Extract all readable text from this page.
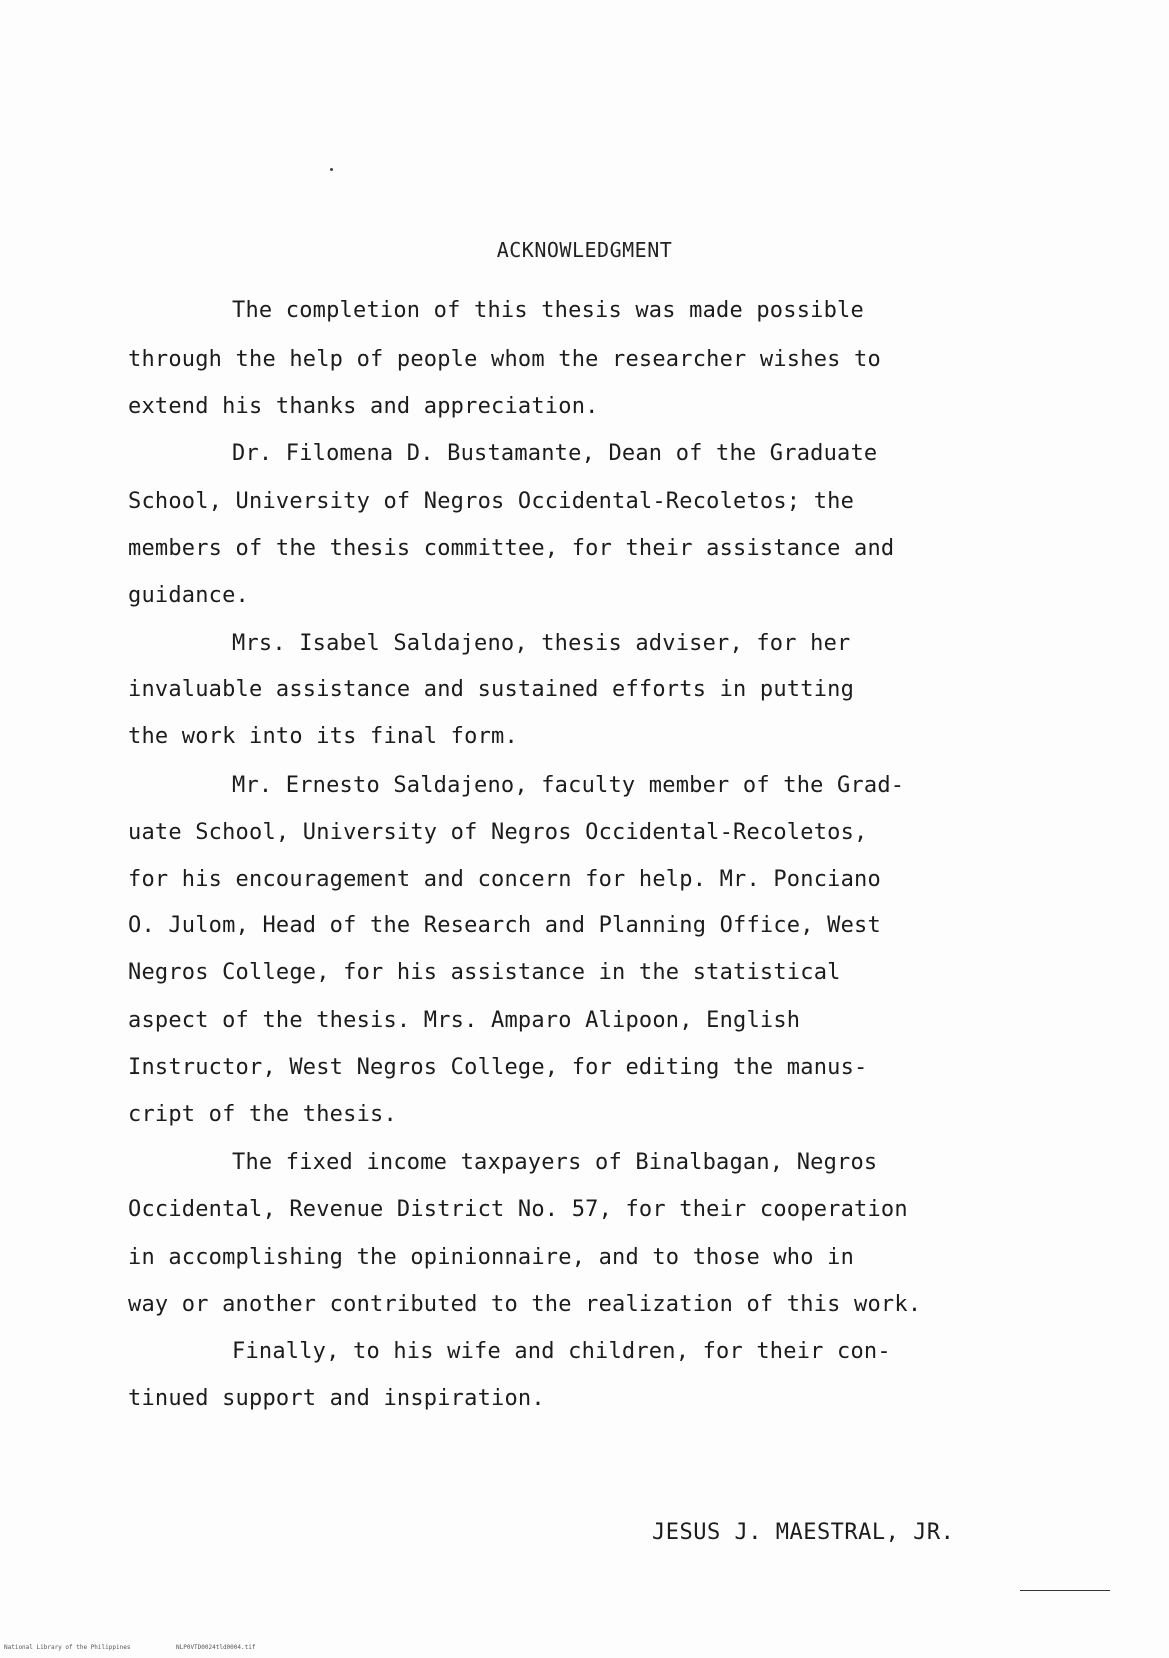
ACKNOWLEDGMENT
The completion of this thesis was made possible
through the help of people whom the researcher wishes to
extend his thanks and appreciation.
Dr. Filomena D. Bustamante, Dean of the Graduate
School, University of Negros Occidental-Recoletos; the
members of the thesis committee, for their assistance and
guidance.
Mrs. Isabel Saldajeno, thesis adviser, for her
invaluable assistance and sustained efforts in putting
the work into its final form.
Mr. Ernesto Saldajeno, faculty member of the Grad-
uate School, University of Negros Occidental-Recoletos,
for his encouragement and concern for help. Mr. Ponciano
O. Julom, Head of the Research and Planning Office, West
Negros College, for his assistance in the statistical
aspect of the thesis. Mrs. Amparo Alipoon, English
Instructor, West Negros College, for editing the manus-
cript of the thesis.
The fixed income taxpayers of Binalbagan, Negros
Occidental, Revenue District No. 57, for their cooperation
in accomplishing the opinionnaire, and to those who in
way or another contributed to the realization of this work.
Finally, to his wife and children, for their con-
tinued support and inspiration.
JESUS J. MAESTRAL, JR.
National Library of the Philippines	NLP0VTD0024tld0004.tif
